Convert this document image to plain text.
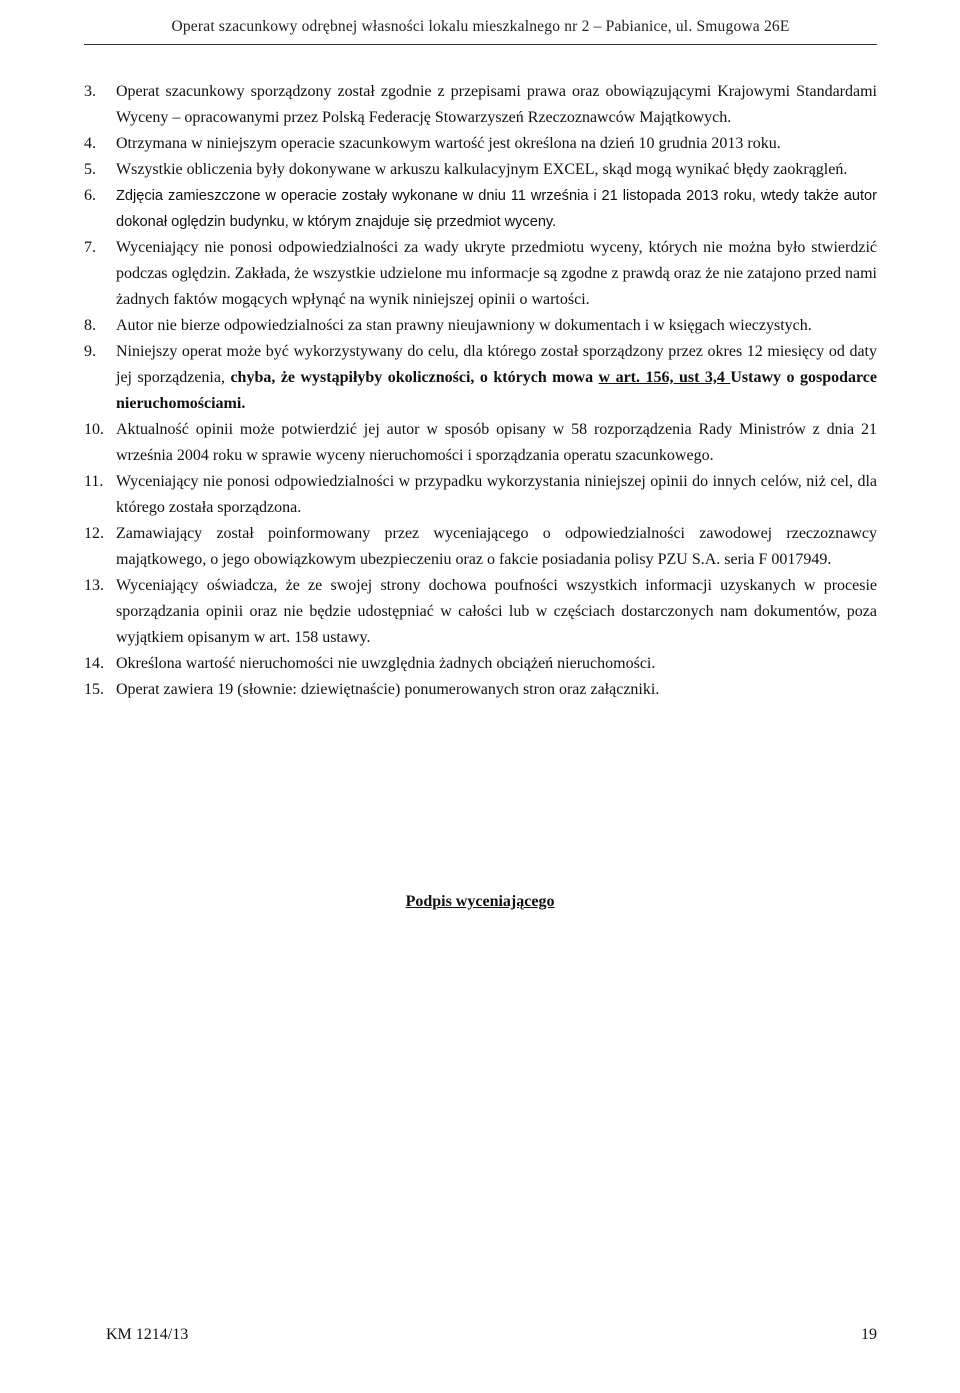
Operat szacunkowy odrębnej własności lokalu mieszkalnego nr 2 – Pabianice, ul. Smugowa 26E
3. Operat szacunkowy sporządzony został zgodnie z przepisami prawa oraz obowiązującymi Krajowymi Standardami Wyceny – opracowanymi przez Polską Federację Stowarzyszeń Rzeczoznawców Majątkowych.
4. Otrzymana w niniejszym operacie szacunkowym wartość jest określona na dzień 10 grudnia 2013 roku.
5. Wszystkie obliczenia były dokonywane w arkuszu kalkulacyjnym EXCEL, skąd mogą wynikać błędy zaokrągleń.
6. Zdjęcia zamieszczone w operacie zostały wykonane w dniu 11 września i 21 listopada 2013 roku, wtedy także autor dokonał oględzin budynku, w którym znajduje się przedmiot wyceny.
7. Wyceniający nie ponosi odpowiedzialności za wady ukryte przedmiotu wyceny, których nie można było stwierdzić podczas oględzin. Zakłada, że wszystkie udzielone mu informacje są zgodne z prawdą oraz że nie zatajono przed nami żadnych faktów mogących wpłynąć na wynik niniejszej opinii o wartości.
8. Autor nie bierze odpowiedzialności za stan prawny nieujawniony w dokumentach i w księgach wieczystych.
9. Niniejszy operat może być wykorzystywany do celu, dla którego został sporządzony przez okres 12 miesięcy od daty jej sporządzenia, chyba, że wystąpiłyby okoliczności, o których mowa w art. 156, ust 3,4 Ustawy o gospodarce nieruchomościami.
10. Aktualność opinii może potwierdzić jej autor w sposób opisany w 58 rozporządzenia Rady Ministrów z dnia 21 września 2004 roku w sprawie wyceny nieruchomości i sporządzania operatu szacunkowego.
11. Wyceniający nie ponosi odpowiedzialności w przypadku wykorzystania niniejszej opinii do innych celów, niż cel, dla którego została sporządzona.
12. Zamawiający został poinformowany przez wyceniającego o odpowiedzialności zawodowej rzeczoznawcy majątkowego, o jego obowiązkowym ubezpieczeniu oraz o fakcie posiadania polisy PZU S.A. seria F 0017949.
13. Wyceniający oświadcza, że ze swojej strony dochowa poufności wszystkich informacji uzyskanych w procesie sporządzania opinii oraz nie będzie udostępniać w całości lub w częściach dostarczonych nam dokumentów, poza wyjątkiem opisanym w art. 158 ustawy.
14. Określona wartość nieruchomości nie uwzględnia żadnych obciążeń nieruchomości.
15. Operat zawiera 19 (słownie: dziewiętnaście) ponumerowanych stron oraz załączniki.
Podpis wyceniającego
KM 1214/13	19
